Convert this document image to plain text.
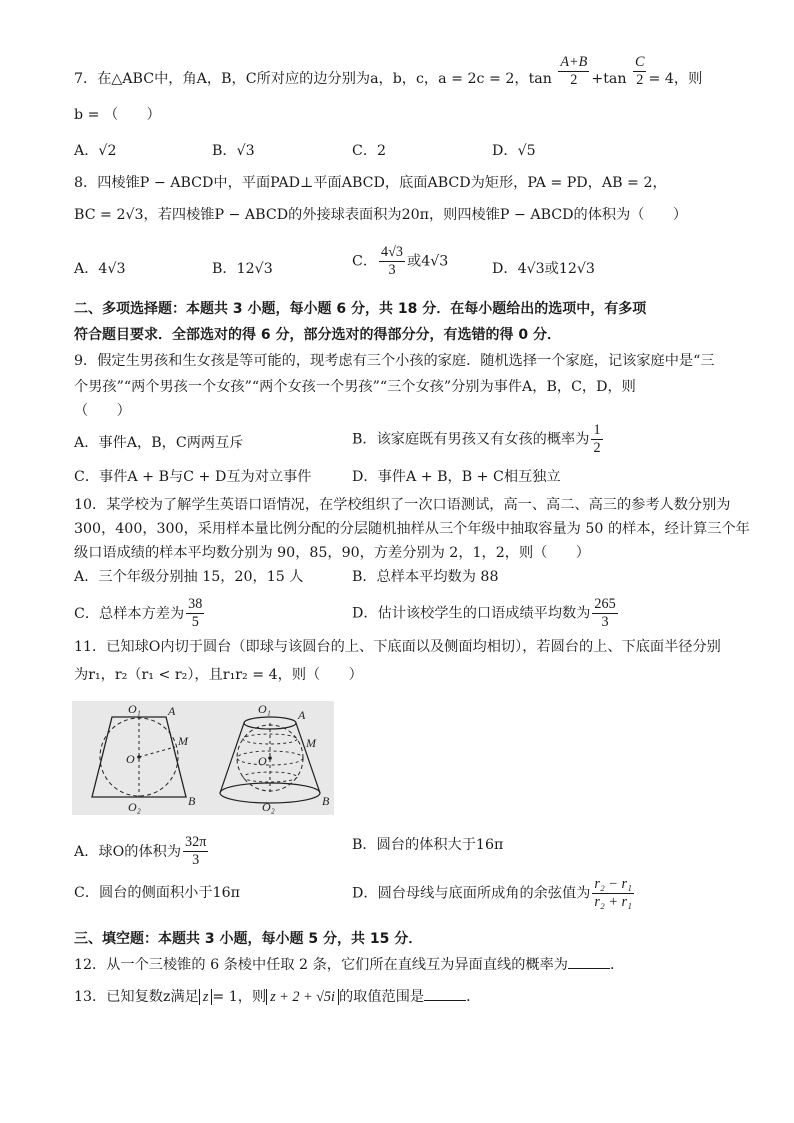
7．在△ABC中，角A，B，C所对应的边分别为a，b，c，a = 2c = 2，$\tan \frac{A+B}{2} +\tan \frac{C}{2} = 4$，则
b = （　　）
A．√2	B．√3	C．2	D．√5
8．四棱锥P − ABCD中，平面PAD⊥平面ABCD，底面ABCD为矩形，PA = PD，AB = 2，
BC = 2√3，若四棱锥P − ABCD的外接球表面积为20π，则四棱锥P − ABCD的体积为（　　）
A．4√3	B．12√3	C． $\frac{4√3}{3}$ 或4√3	D．4√3或12√3
二、多项选择题：本题共 3 小题，每小题 6 分，共 18 分．在每小题给出的选项中，有多项
符合题目要求．全部选对的得 6 分，部分选对的得部分分，有选错的得 0 分．
9．假定生男孩和生女孩是等可能的，现考虑有三个小孩的家庭．随机选择一个家庭，记该家庭中是“三
个男孩”“两个男孩一个女孩”“两个女孩一个男孩”“三个女孩”分别为事件A，B，C，D，则
（　　）
A．事件A，B，C两两互斥	B．该家庭既有男孩又有女孩的概率为 $\frac{1}{2}$
C．事件A + B与C + D互为对立事件	D．事件A + B，B + C相互独立
10．某学校为了解学生英语口语情况，在学校组织了一次口语测试，高一、高二、高三的参考人数分别为
300，400，300，采用样本量比例分配的分层随机抽样从三个年级中抽取容量为 50 的样本，经计算三个年
级口语成绩的样本平均数分别为 90，85，90，方差分别为 2，1，2，则（　　）
A．三个年级分别抽 15，20，15 人	B．总样本平均数为 88
C．总样本方差为 $\frac{38}{5}$	D．估计该校学生的口语成绩平均数为 $\frac{265}{3}$
11．已知球O内切于圆台（即球与该圆台的上、下底面以及侧面均相切），若圆台的上、下底面半径分别
为r₁，r₂（r₁ < r₂），且r₁r₂ = 4，则（　　）
O₁ A
M
O
O₂	B
O₁ A
M
O
O₂	B
A．球O的体积为 $\frac{32\pi}{3}$	B．圆台的体积大于16π
C．圆台的侧面积小于16π	D．圆台母线与底面所成角的余弦值为 $\frac{\text{r₂ − r₁}}{\text{r₂ + r₁}}$
三、填空题：本题共 3 小题，每小题 5 分，共 15 分．
12．从一个三棱锥的 6 条棱中任取 2 条，它们所在直线互为异面直线的概率为	．
13．已知复数z满足 z = 1，则 z + 2 + √5i 的取值范围是	．
